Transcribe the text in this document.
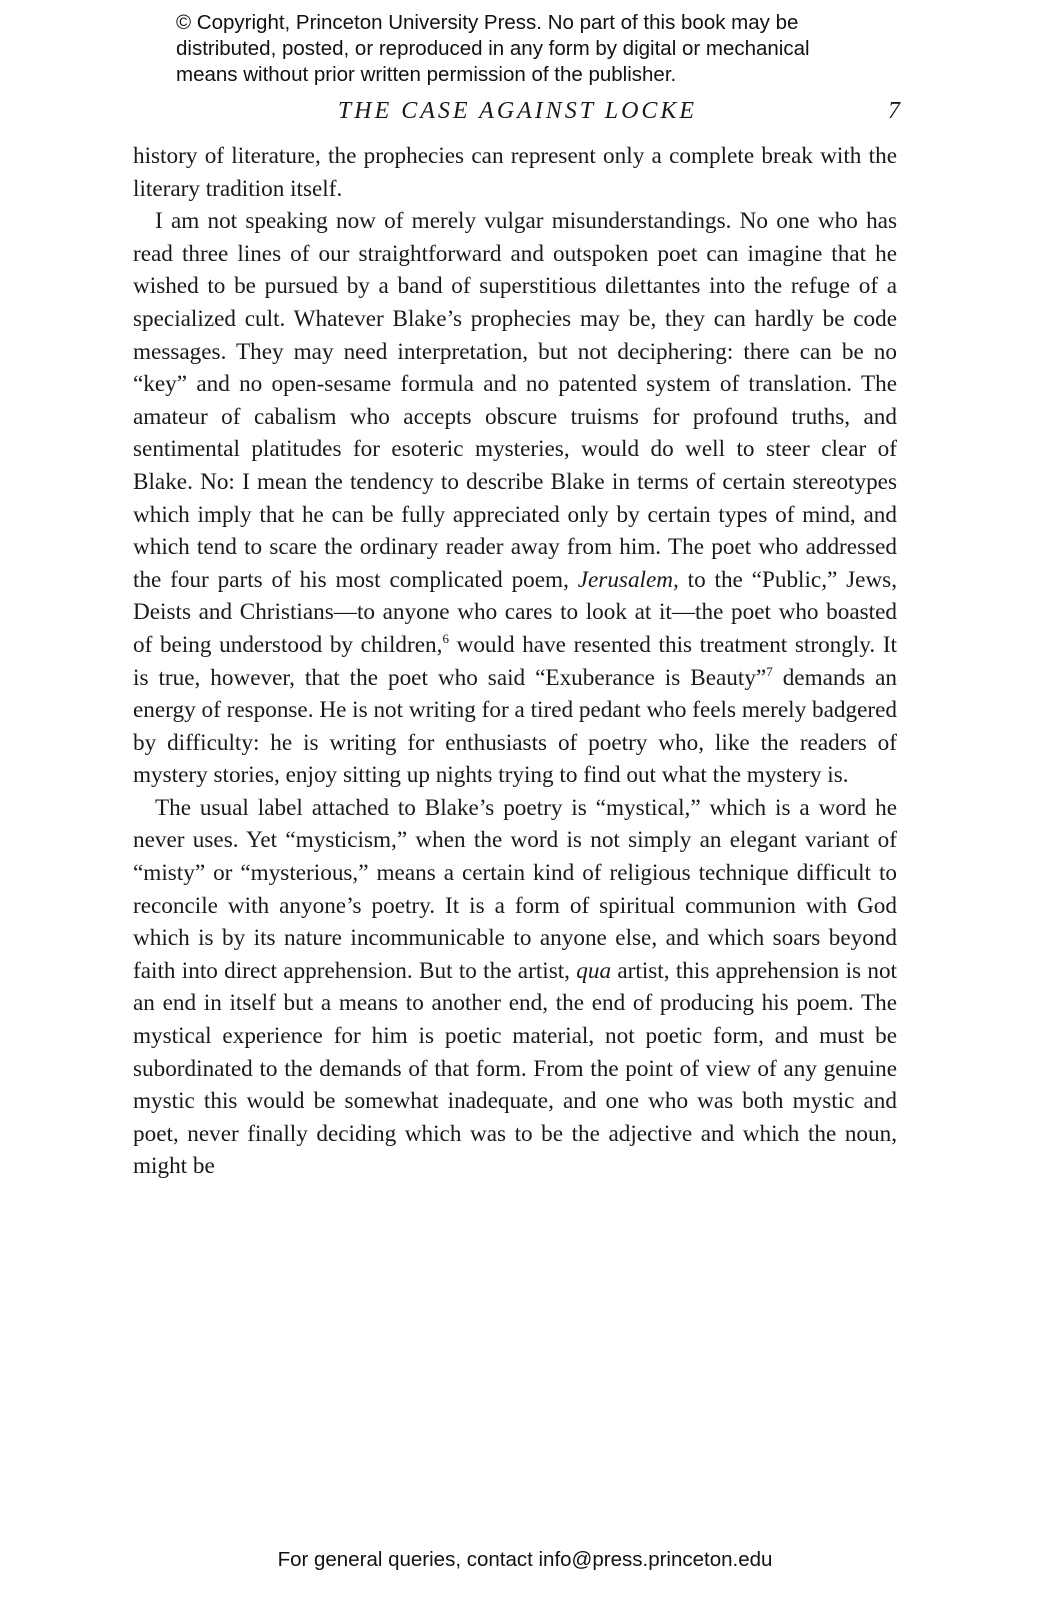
© Copyright, Princeton University Press. No part of this book may be
distributed, posted, or reproduced in any form by digital or mechanical
means without prior written permission of the publisher.
THE CASE AGAINST LOCKE	7

history of literature, the prophecies can represent only a complete break with the literary tradition itself.

I am not speaking now of merely vulgar misunderstandings. No one who has read three lines of our straightforward and outspoken poet can imagine that he wished to be pursued by a band of superstitious dilettantes into the refuge of a specialized cult. Whatever Blake’s prophecies may be, they can hardly be code messages. They may need interpretation, but not deciphering: there can be no “key” and no open-sesame formula and no patented system of translation. The amateur of cabalism who accepts obscure truisms for profound truths, and sentimental platitudes for esoteric mysteries, would do well to steer clear of Blake. No: I mean the tendency to describe Blake in terms of certain stereotypes which imply that he can be fully appreciated only by certain types of mind, and which tend to scare the ordinary reader away from him. The poet who addressed the four parts of his most complicated poem, Jerusalem, to the “Public,” Jews, Deists and Christians—to anyone who cares to look at it—the poet who boasted of being understood by children,$^6$ would have resented this treatment strongly. It is true, however, that the poet who said “Exuberance is Beauty”$^7$ demands an energy of response. He is not writing for a tired pedant who feels merely badgered by difficulty: he is writing for enthusiasts of poetry who, like the readers of mystery stories, enjoy sitting up nights trying to find out what the mystery is.

The usual label attached to Blake’s poetry is “mystical,” which is a word he never uses. Yet “mysticism,” when the word is not simply an elegant variant of “misty” or “mysterious,” means a certain kind of religious technique difficult to reconcile with anyone’s poetry. It is a form of spiritual communion with God which is by its nature incommunicable to anyone else, and which soars beyond faith into direct apprehension. But to the artist, qua artist, this apprehension is not an end in itself but a means to another end, the end of producing his poem. The mystical experience for him is poetic material, not poetic form, and must be subordinated to the demands of that form. From the point of view of any genuine mystic this would be somewhat inadequate, and one who was both mystic and poet, never finally deciding which was to be the adjective and which the noun, might be

For general queries, contact info@press.princeton.edu
